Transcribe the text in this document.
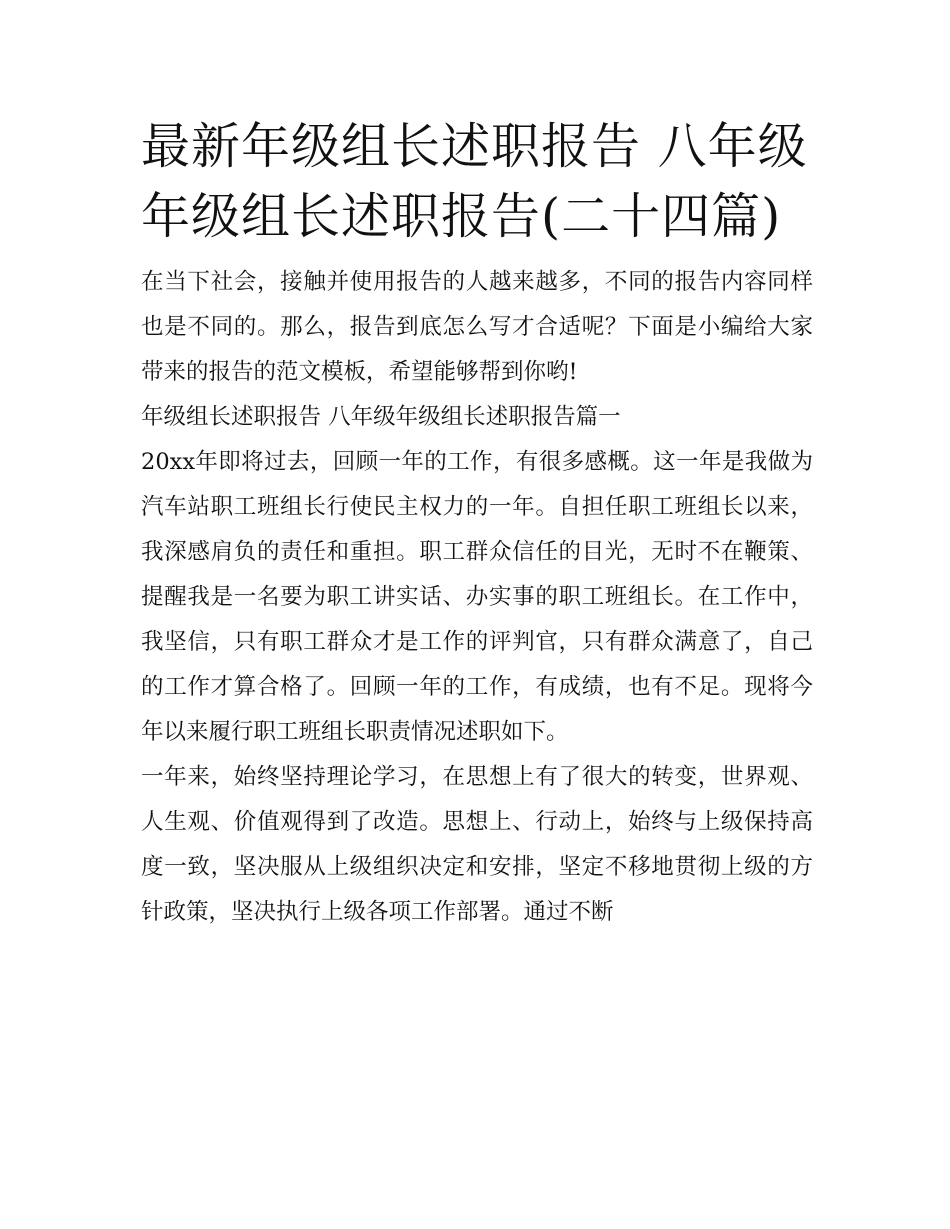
最新年级组长述职报告 八年级年级组长述职报告(二十四篇)

在当下社会，接触并使用报告的人越来越多，不同的报告内容同样也是不同的。那么，报告到底怎么写才合适呢？下面是小编给大家带来的报告的范文模板，希望能够帮到你哟!

年级组长述职报告 八年级年级组长述职报告篇一

20xx年即将过去，回顾一年的工作，有很多感概。这一年是我做为汽车站职工班组长行使民主权力的一年。自担任职工班组长以来，我深感肩负的责任和重担。职工群众信任的目光，无时不在鞭策、提醒我是一名要为职工讲实话、办实事的职工班组长。在工作中，我坚信，只有职工群众才是工作的评判官，只有群众满意了，自己的工作才算合格了。回顾一年的工作，有成绩，也有不足。现将今年以来履行职工班组长职责情况述职如下。

一年来，始终坚持理论学习，在思想上有了很大的转变，世界观、人生观、价值观得到了改造。思想上、行动上，始终与上级保持高度一致，坚决服从上级组织决定和安排，坚定不移地贯彻上级的方针政策，坚决执行上级各项工作部署。通过不断
